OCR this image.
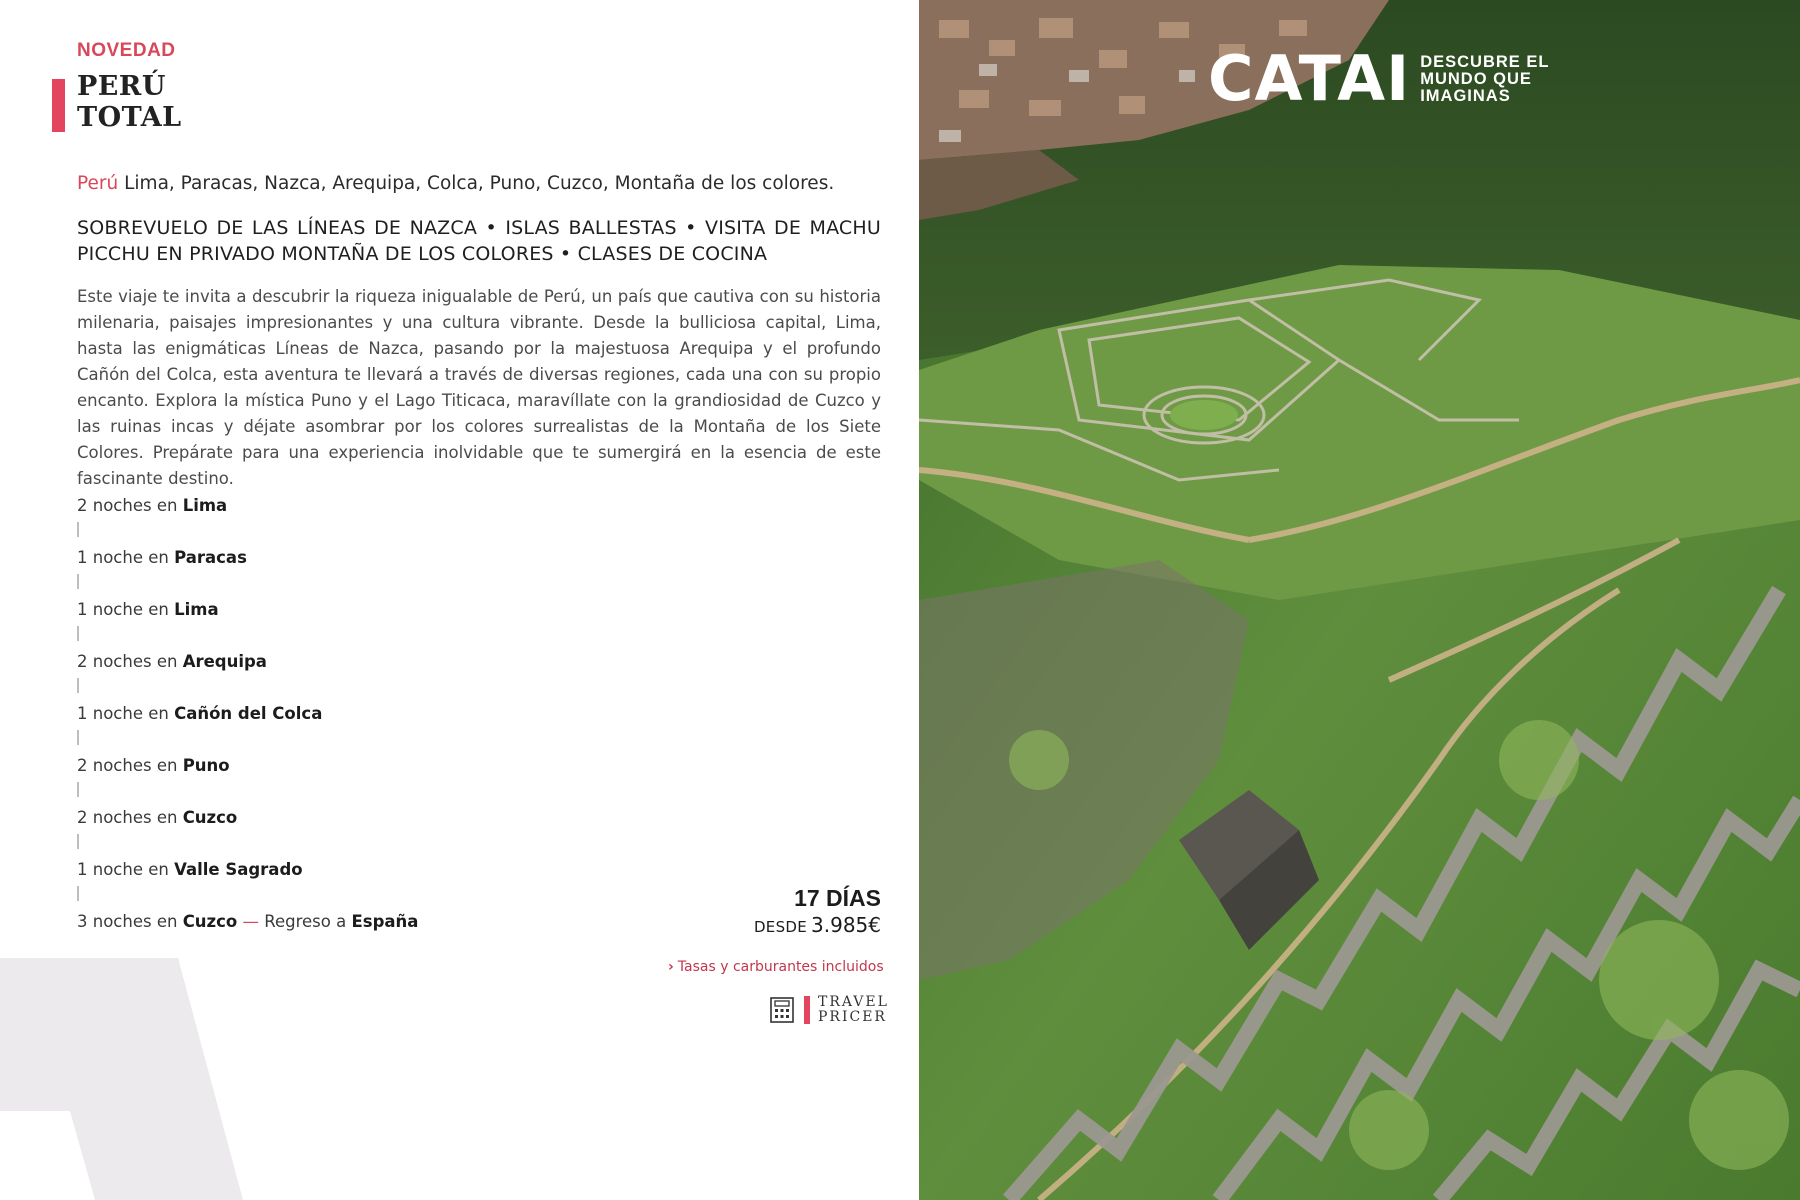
NOVEDAD
PERÚ
TOTAL

Perú Lima, Paracas, Nazca, Arequipa, Colca, Puno, Cuzco, Montaña de los colores.

SOBREVUELO DE LAS LÍNEAS DE NAZCA • ISLAS BALLESTAS • VISITA DE MACHU PICCHU EN PRIVADO MONTAÑA DE LOS COLORES • CLASES DE COCINA

Este viaje te invita a descubrir la riqueza inigualable de Perú, un país que cautiva con su historia milenaria, paisajes impresionantes y una cultura vibrante. Desde la bulliciosa capital, Lima, hasta las enigmáticas Líneas de Nazca, pasando por la majestuosa Arequipa y el profundo Cañón del Colca, esta aventura te llevará a través de diversas regiones, cada una con su propio encanto. Explora la mística Puno y el Lago Titicaca, maravíllate con la grandiosidad de Cuzco y las ruinas incas y déjate asombrar por los colores surrealistas de la Montaña de los Siete Colores. Prepárate para una experiencia inolvidable que te sumergirá en la esencia de este fascinante destino.

2 noches en Lima
1 noche en Paracas
1 noche en Lima
2 noches en Arequipa
1 noche en Cañón del Colca
2 noches en Puno
2 noches en Cuzco
1 noche en Valle Sagrado
3 noches en Cuzco — Regreso a España
17 DÍAS
DESDE 3.985€
› Tasas y carburantes incluidos
TRAVEL
PRICER
CATAI DESCUBRE EL
MUNDO QUE
IMAGINAS
